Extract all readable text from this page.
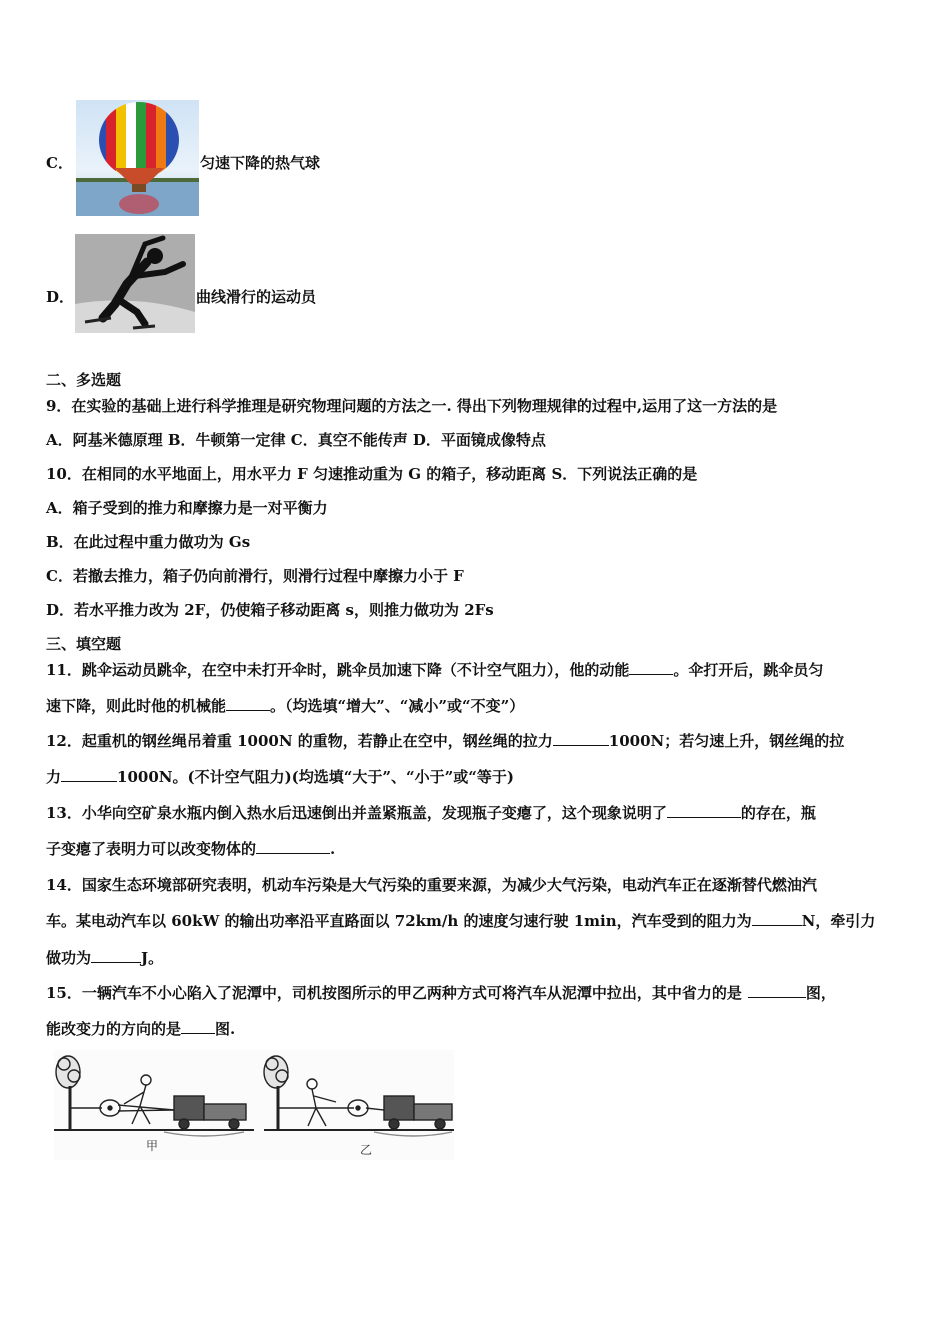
C．	匀速下降的热气球
D．	曲线滑行的运动员
二、多选题
9．在实验的基础上进行科学推理是研究物理问题的方法之一. 得出下列物理规律的过程中,运用了这一方法的是
A．阿基米德原理 B．牛顿第一定律 C．真空不能传声 D．平面镜成像特点
10．在相同的水平地面上，用水平力 F 匀速推动重为 G 的箱子，移动距离 S．下列说法正确的是
A．箱子受到的推力和摩擦力是一对平衡力
B．在此过程中重力做功为 Gs
C．若撤去推力，箱子仍向前滑行，则滑行过程中摩擦力小于 F
D．若水平推力改为 2F，仍使箱子移动距离 s，则推力做功为 2Fs
三、填空题
11．跳伞运动员跳伞，在空中未打开伞时，跳伞员加速下降（不计空气阻力），他的动能	。伞打开后，跳伞员匀
速下降，则此时他的机械能	。（均选填“增大”、“减小”或“不变”）
12．起重机的钢丝绳吊着重 1000N 的重物，若静止在空中，钢丝绳的拉力	1000N；若匀速上升，钢丝绳的拉
力	1000N。(不计空气阻力)(均选填“大于”、“小于”或“等于)
13．小华向空矿泉水瓶内倒入热水后迅速倒出并盖紧瓶盖，发现瓶子变瘪了，这个现象说明了	的存在，瓶
子变瘪了表明力可以改变物体的	.
14．国家生态环境部研究表明，机动车污染是大气污染的重要来源，为减少大气污染，电动汽车正在逐渐替代燃油汽
车。某电动汽车以 60kW 的输出功率沿平直路面以 72km/h 的速度匀速行驶 1min，汽车受到的阻力为	N，牵引力
做功为	J。
15．一辆汽车不小心陷入了泥潭中，司机按图所示的甲乙两种方式可将汽车从泥潭中拉出，其中省力的是	图，
能改变力的方向的是 图.
甲	乙
